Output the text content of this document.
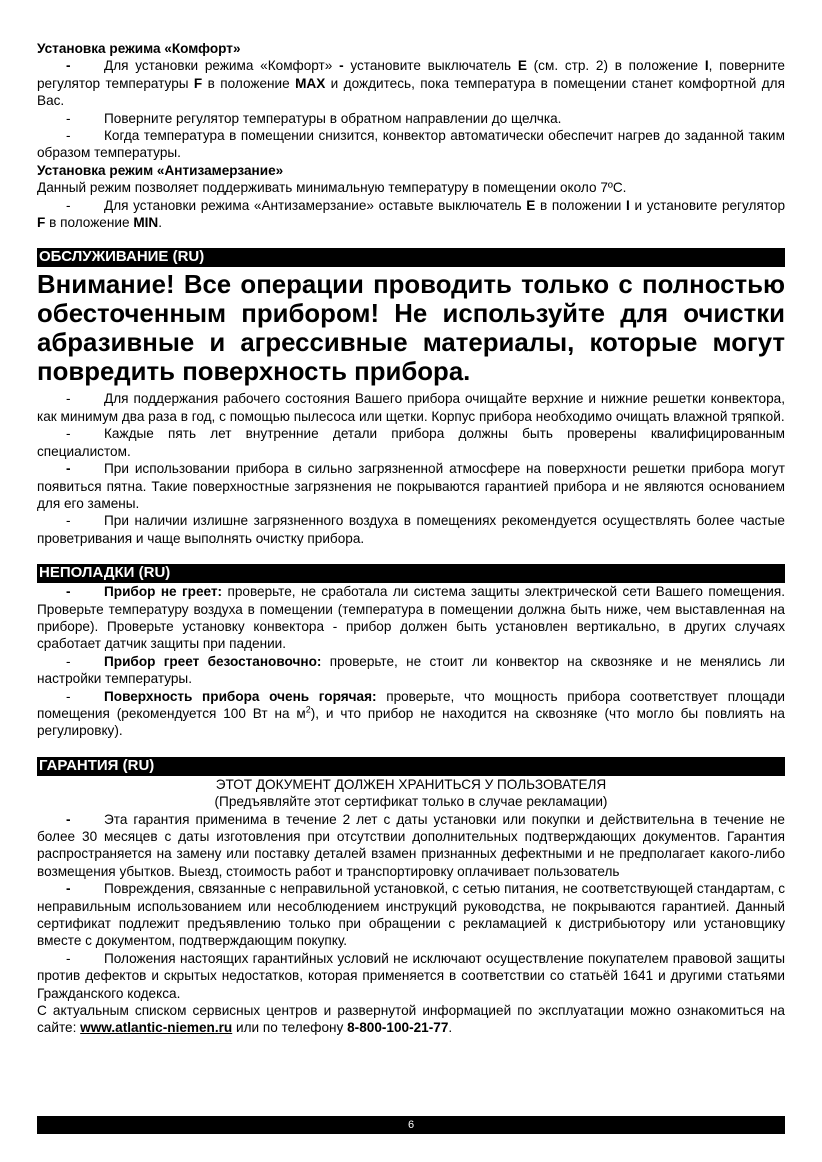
Установка режима «Комфорт»

- Для установки режима «Комфорт» - установите выключатель E (см. стр. 2) в положение I, поверните регулятор температуры F в положение MAX и дождитесь, пока температура в помещении станет комфортной для Вас.

- Поверните регулятор температуры в обратном направлении до щелчка.

- Когда температура в помещении снизится, конвектор автоматически обеспечит нагрев до заданной таким образом температуры.

Установка режим «Антизамерзание»

Данный режим позволяет поддерживать минимальную температуру в помещении около 7ºC.

- Для установки режима «Антизамерзание» оставьте выключатель E в положении I и установите регулятор F в положение MIN.

ОБСЛУЖИВАНИЕ (RU)

Внимание! Все операции проводить только с полностью обесточенным прибором! Не используйте для очистки абразивные и агрессивные материалы, которые могут повредить поверхность прибора.

- Для поддержания рабочего состояния Вашего прибора очищайте верхние и нижние решетки конвектора, как минимум два раза в год, с помощью пылесоса или щетки. Корпус прибора необходимо очищать влажной тряпкой.

- Каждые пять лет внутренние детали прибора должны быть проверены квалифицированным специалистом.

- При использовании прибора в сильно загрязненной атмосфере на поверхности решетки прибора могут появиться пятна. Такие поверхностные загрязнения не покрываются гарантией прибора и не являются основанием для его замены.

- При наличии излишне загрязненного воздуха в помещениях рекомендуется осуществлять более частые проветривания и чаще выполнять очистку прибора.

НЕПОЛАДКИ (RU)

- Прибор не греет: проверьте, не сработала ли система защиты электрической сети Вашего помещения. Проверьте температуру воздуха в помещении (температура в помещении должна быть ниже, чем выставленная на приборе). Проверьте установку конвектора - прибор должен быть установлен вертикально, в других случаях сработает датчик защиты при падении.

- Прибор греет безостановочно: проверьте, не стоит ли конвектор на сквозняке и не менялись ли настройки температуры.

- Поверхность прибора очень горячая: проверьте, что мощность прибора соответствует площади помещения (рекомендуется 100 Вт на $м^2$), и что прибор не находится на сквозняке (что могло бы повлиять на регулировку).

ГАРАНТИЯ (RU)

ЭТОТ ДОКУМЕНТ ДОЛЖЕН ХРАНИТЬСЯ У ПОЛЬЗОВАТЕЛЯ

(Предъявляйте этот сертификат только в случае рекламации)

- Эта гарантия применима в течение 2 лет с даты установки или покупки и действительна в течение не более 30 месяцев с даты изготовления при отсутствии дополнительных подтверждающих документов. Гарантия распространяется на замену или поставку деталей взамен признанных дефектными и не предполагает какого-либо возмещения убытков. Выезд, стоимость работ и транспортировку оплачивает пользователь

- Повреждения, связанные с неправильной установкой, с сетью питания, не соответствующей стандартам, с неправильным использованием или несоблюдением инструкций руководства, не покрываются гарантией. Данный сертификат подлежит предъявлению только при обращении с рекламацией к дистрибьютору или установщику вместе с документом, подтверждающим покупку.

- Положения настоящих гарантийных условий не исключают осуществление покупателем правовой защиты против дефектов и скрытых недостатков, которая применяется в соответствии со статьёй 1641 и другими статьями Гражданского кодекса.

С актуальным списком сервисных центров и развернутой информацией по эксплуатации можно ознакомиться на сайте: www.atlantic-niemen.ru или по телефону 8-800-100-21-77.

6
